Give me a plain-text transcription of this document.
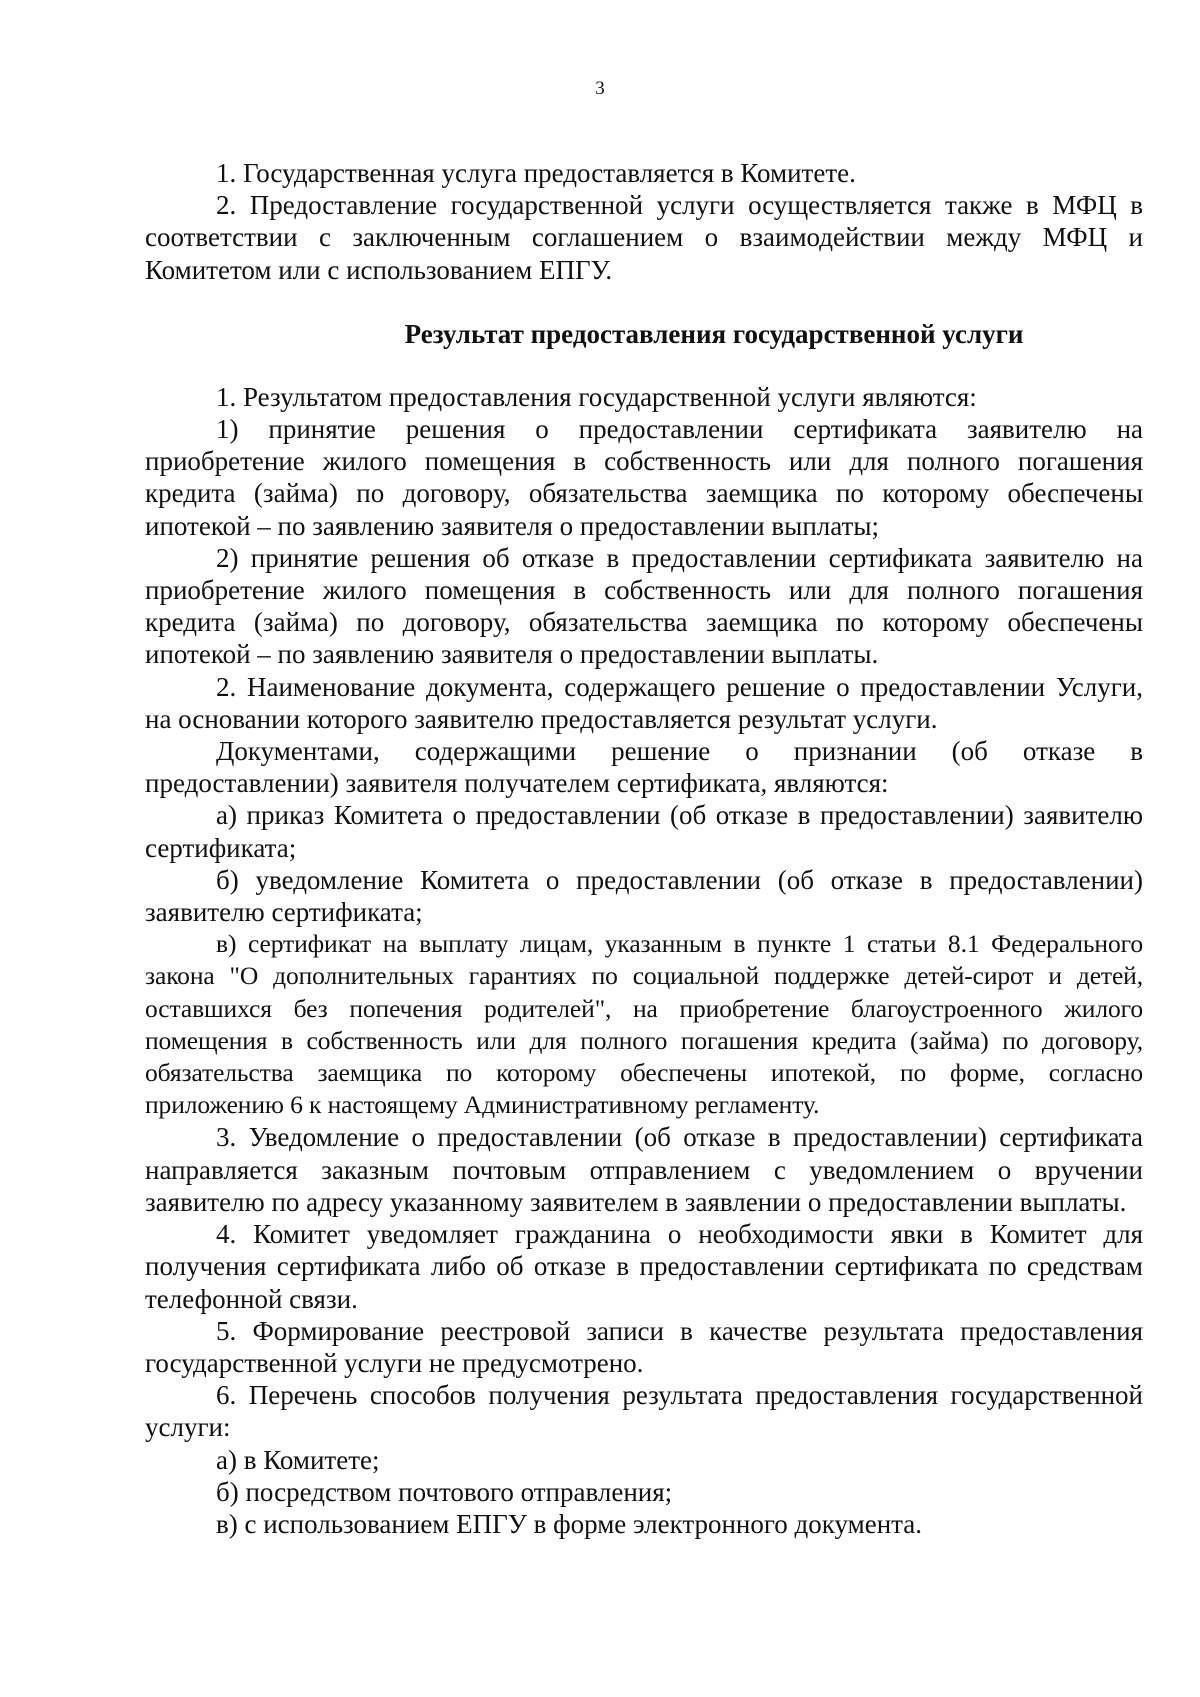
3

1. Государственная услуга предоставляется в Комитете.

2. Предоставление государственной услуги осуществляется также в МФЦ в соответствии с заключенным соглашением о взаимодействии между МФЦ и Комитетом или с использованием ЕПГУ.

Результат предоставления государственной услуги

1. Результатом предоставления государственной услуги являются:

1) принятие решения о предоставлении сертификата заявителю на приобретение жилого помещения в собственность или для полного погашения кредита (займа) по договору, обязательства заемщика по которому обеспечены ипотекой – по заявлению заявителя о предоставлении выплаты;

2) принятие решения об отказе в предоставлении сертификата заявителю на приобретение жилого помещения в собственность или для полного погашения кредита (займа) по договору, обязательства заемщика по которому обеспечены ипотекой – по заявлению заявителя о предоставлении выплаты.

2. Наименование документа, содержащего решение о предоставлении Услуги, на основании которого заявителю предоставляется результат услуги.

Документами, содержащими решение о признании (об отказе в предоставлении) заявителя получателем сертификата, являются:

а) приказ Комитета о предоставлении (об отказе в предоставлении) заявителю сертификата;

б) уведомление Комитета о предоставлении (об отказе в предоставлении) заявителю сертификата;

в) сертификат на выплату лицам, указанным в пункте 1 статьи 8.1 Федерального закона "О дополнительных гарантиях по социальной поддержке детей-сирот и детей, оставшихся без попечения родителей", на приобретение благоустроенного жилого помещения в собственность или для полного погашения кредита (займа) по договору, обязательства заемщика по которому обеспечены ипотекой, по форме, согласно приложению 6 к настоящему Административному регламенту.

3. Уведомление о предоставлении (об отказе в предоставлении) сертификата направляется заказным почтовым отправлением с уведомлением о вручении заявителю по адресу указанному заявителем в заявлении о предоставлении выплаты.

4. Комитет уведомляет гражданина о необходимости явки в Комитет для получения сертификата либо об отказе в предоставлении сертификата по средствам телефонной связи.

5. Формирование реестровой записи в качестве результата предоставления государственной услуги не предусмотрено.

6. Перечень способов получения результата предоставления государственной услуги:

а) в Комитете;

б) посредством почтового отправления;

в) с использованием ЕПГУ в форме электронного документа.
